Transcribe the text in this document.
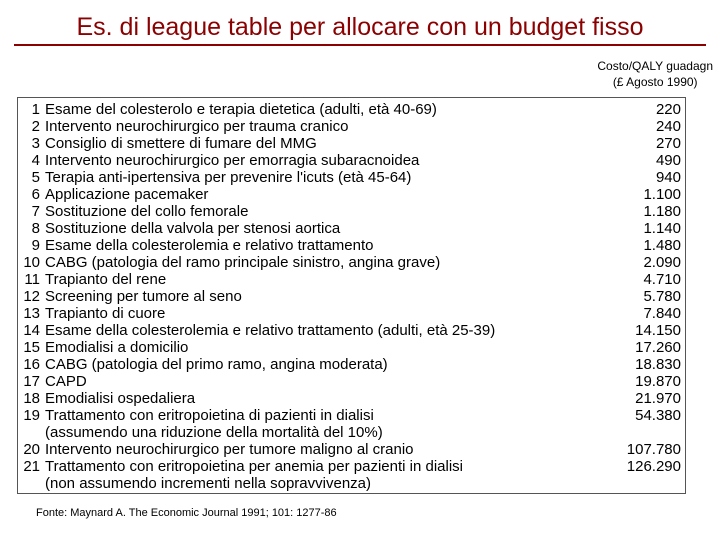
Es. di league table per allocare con un budget fisso
Costo/QALY guadagn
(£ Agosto 1990)
1 Esame del colesterolo e terapia dietetica (adulti, età 40-69)	220
2 Intervento neurochirurgico per trauma cranico	240
3 Consiglio di smettere di fumare del MMG	270
4 Intervento neurochirurgico per emorragia subaracnoidea	490
5 Terapia anti-ipertensiva per prevenire l'icuts (età 45-64)	940
6 Applicazione pacemaker	1.100
7 Sostituzione del collo femorale	1.180
8 Sostituzione della valvola per stenosi aortica	1.140
9 Esame della colesterolemia e relativo trattamento	1.480
10 CABG (patologia del ramo principale sinistro, angina grave)	2.090
11 Trapianto del rene	4.710
12 Screening per tumore al seno	5.780
13 Trapianto di cuore	7.840
14 Esame della colesterolemia e relativo trattamento (adulti, età 25-39)	14.150
15 Emodialisi a domicilio	17.260
16 CABG (patologia del primo ramo, angina moderata)	18.830
17 CAPD	19.870
18 Emodialisi ospedaliera	21.970
19 Trattamento con eritropoietina di pazienti in dialisi	54.380
(assumendo una riduzione della mortalità del 10%)
20 Intervento neurochirurgico per tumore maligno al cranio	107.780
21 Trattamento con eritropoietina per anemia per pazienti in dialisi	126.290
(non assumendo incrementi nella sopravvivenza)
Fonte: Maynard A. The Economic Journal 1991; 101: 1277-86
